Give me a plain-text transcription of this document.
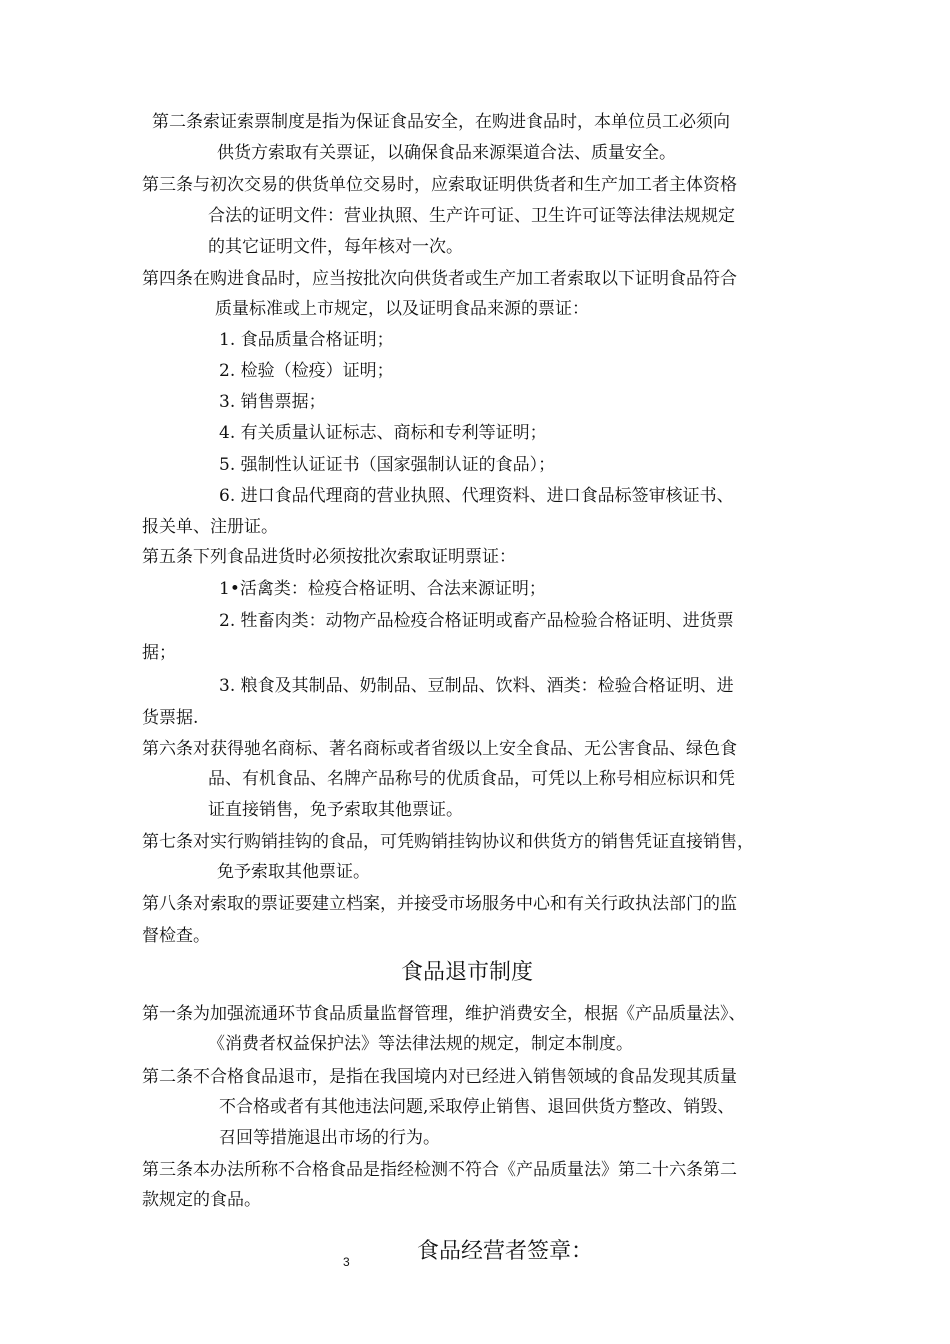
第二条索证索票制度是指为保证食品安全，在购进食品时，本单位员工必须向
供货方索取有关票证，以确保食品来源渠道合法、质量安全。
第三条与初次交易的供货单位交易时，应索取证明供货者和生产加工者主体资格
合法的证明文件：营业执照、生产许可证、卫生许可证等法律法规规定
的其它证明文件，每年核对一次。
第四条在购进食品时，应当按批次向供货者或生产加工者索取以下证明食品符合
质量标准或上市规定，以及证明食品来源的票证：
1. 食品质量合格证明；
2. 检验（检疫）证明；
3. 销售票据；
4. 有关质量认证标志、商标和专利等证明；
5. 强制性认证证书（国家强制认证的食品）；
6. 进口食品代理商的营业执照、代理资料、进口食品标签审核证书、
报关单、注册证。
第五条下列食品进货时必须按批次索取证明票证：
1•活禽类：检疫合格证明、合法来源证明；
2. 牲畜肉类：动物产品检疫合格证明或畜产品检验合格证明、进货票
据；
3. 粮食及其制品、奶制品、豆制品、饮料、酒类：检验合格证明、进
货票据.
第六条对获得驰名商标、著名商标或者省级以上安全食品、无公害食品、绿色食
品、有机食品、名牌产品称号的优质食品，可凭以上称号相应标识和凭
证直接销售，免予索取其他票证。
第七条对实行购销挂钩的食品，可凭购销挂钩协议和供货方的销售凭证直接销售，
免予索取其他票证。
第八条对索取的票证要建立档案，并接受市场服务中心和有关行政执法部门的监
督检查。
食品退市制度
第一条为加强流通环节食品质量监督管理，维护消费安全，根据《产品质量法》、
《消费者权益保护法》等法律法规的规定，制定本制度。
第二条不合格食品退市，是指在我国境内对已经进入销售领域的食品发现其质量
不合格或者有其他违法问题,采取停止销售、退回供货方整改、销毁、
召回等措施退出市场的行为。
第三条本办法所称不合格食品是指经检测不符合《产品质量法》第二十六条第二
款规定的食品。
3	食品经营者签章：
